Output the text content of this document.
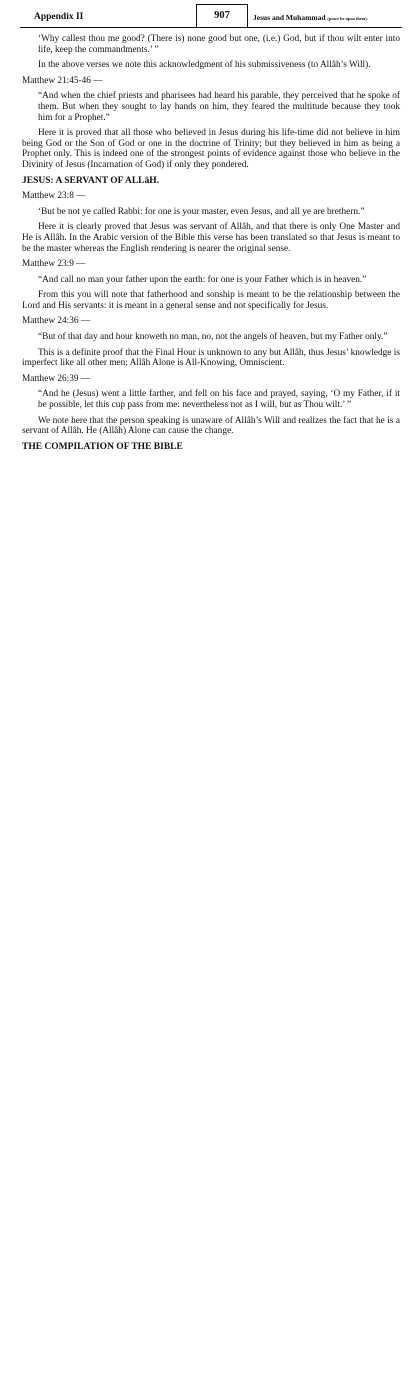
Appendix II	907	Jesus and Muhammad (peace be upon them).

‘Why callest thou me good? (There is) none good but one, (i.e.) God, but if thou wilt enter into life, keep the commandments.’ ”

In the above verses we note this acknowledgment of his submissiveness (to Allâh’s Will).

Matthew 21:45-46 —

“And when the chief priests and pharisees had heard his parable, they perceived that he spoke of them. But when they sought to lay hands on him, they feared the multitude because they took him for a Prophet.”

Here it is proved that all those who believed in Jesus during his life-time did not believe in him being God or the Son of God or one in the doctrine of Trinity; but they believed in him as being a Prophet only. This is indeed one of the strongest points of evidence against those who believe in the Divinity of Jesus (Incarnation of God) if only they pondered.

JESUS: A SERVANT OF ALLâH.

Matthew 23:8 —

‘But be not ye called Rabbi: for one is your master, even Jesus, and all ye are brethern.”

Here it is clearly proved that Jesus was servant of Allâh, and that there is only One Master and He is Allâh. In the Arabic version of the Bible this verse has been translated so that Jesus is meant to be the master whereas the English rendering is nearer the original sense.

Matthew 23:9 —

“And call no man your father upon the earth: for one is your Father which is in heaven.”

From this you will note that fatherhood and sonship is meant to be the relationship between the Lord and His servants: it is meant in a general sense and not specifically for Jesus.

Matthew 24:36 —

“But of that day and hour knoweth no man, no, not the angels of heaven, but my Father only.”

This is a definite proof that the Final Hour is unknown to any but Allâh, thus Jesus’ knowledge is imperfect like all other men; Allâh Alone is All-Knowing, Omniscient.

Matthew 26:39 —

“And he (Jesus) went a little farther, and fell on his face and prayed, saying, ‘O my Father, if it be possible, let this cup pass from me: nevertheless not as I will, but as Thou wilt.’ ”

We note here that the person speaking is unaware of Allâh’s Will and realizes the fact that he is a servant of Allâh. He (Allâh) Alone can cause the change.

THE COMPILATION OF THE BIBLE
